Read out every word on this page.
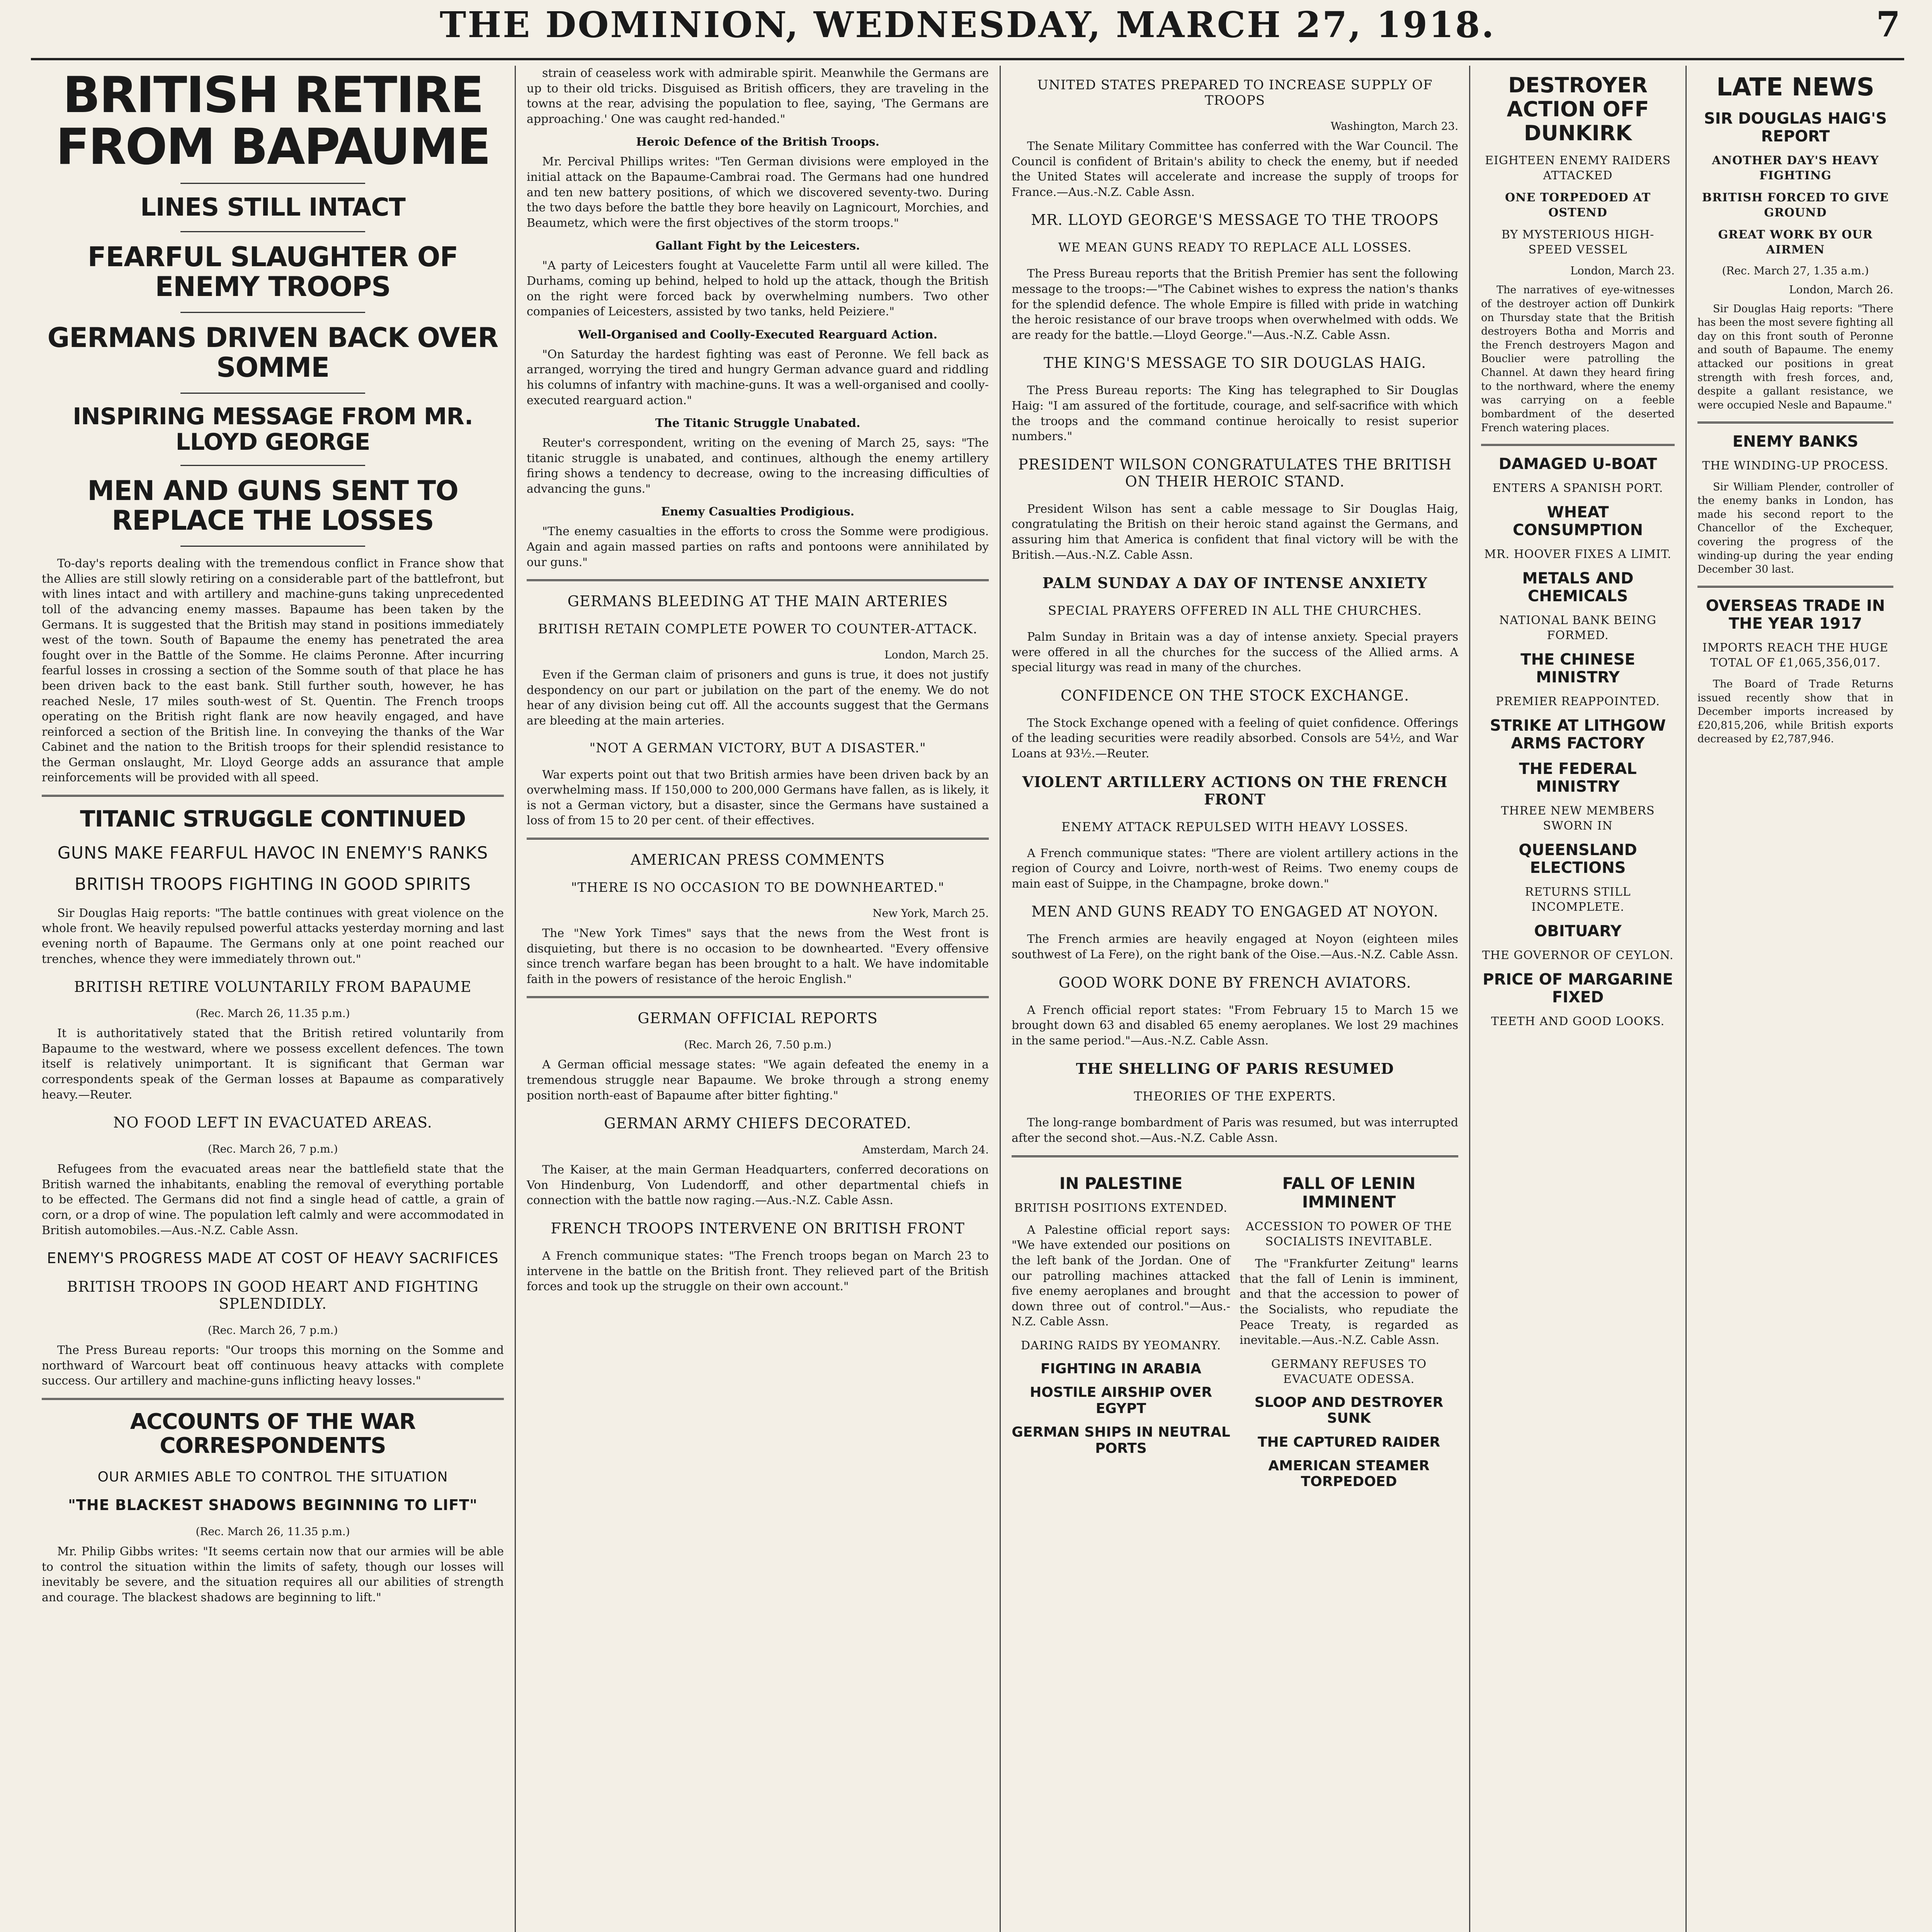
THE DOMINION, WEDNESDAY, MARCH 27, 1918.	7
BRITISH RETIRE FROM BAPAUME
LINES STILL INTACT
FEARFUL SLAUGHTER OF ENEMY TROOPS
GERMANS DRIVEN BACK OVER SOMME
INSPIRING MESSAGE FROM MR. LLOYD GEORGE
MEN AND GUNS SENT TO REPLACE THE LOSSES

To-day's reports dealing with the tremendous conflict in France show that the Allies are still slowly retiring on a considerable part of the battlefront, but with lines intact and with artillery and machine-guns taking unprecedented toll of the advancing enemy masses. Bapaume has been taken by the Germans. It is suggested that the British may stand in positions immediately west of the town. South of Bapaume the enemy has penetrated the area fought over in the Battle of the Somme. He claims Peronne. After incurring fearful losses in crossing a section of the Somme south of that place he has been driven back to the east bank. Still further south, however, he has reached Nesle, 17 miles south-west of St. Quentin. The French troops operating on the British right flank are now heavily engaged, and have reinforced a section of the British line. In conveying the thanks of the War Cabinet and the nation to the British troops for their splendid resistance to the German onslaught, Mr. Lloyd George adds an assurance that ample reinforcements will be provided with all speed.

TITANIC STRUGGLE CONTINUED
GUNS MAKE FEARFUL HAVOC IN ENEMY'S RANKS
BRITISH TROOPS FIGHTING IN GOOD SPIRITS

Sir Douglas Haig reports: "The battle continues with great violence on the whole front. We heavily repulsed powerful attacks yesterday morning and last evening north of Bapaume. The Germans only at one point reached our trenches, whence they were immediately thrown out."

BRITISH RETIRE VOLUNTARILY FROM BAPAUME
(Rec. March 26, 11.35 p.m.)

It is authoritatively stated that the British retired voluntarily from Bapaume to the westward, where we possess excellent defences. The town itself is relatively unimportant. It is significant that German war correspondents speak of the German losses at Bapaume as comparatively heavy.—Reuter.

NO FOOD LEFT IN EVACUATED AREAS.
(Rec. March 26, 7 p.m.)

Refugees from the evacuated areas near the battlefield state that the British warned the inhabitants, enabling the removal of everything portable to be effected. The Germans did not find a single head of cattle, a grain of corn, or a drop of wine. The population left calmly and were accommodated in British automobiles.—Aus.-N.Z. Cable Assn.

ENEMY'S PROGRESS MADE AT COST OF HEAVY SACRIFICES
BRITISH TROOPS IN GOOD HEART AND FIGHTING SPLENDIDLY.
(Rec. March 26, 7 p.m.)

The Press Bureau reports: "Our troops this morning on the Somme and northward of Warcourt beat off continuous heavy attacks with complete success. Our artillery and machine-guns inflicting heavy losses."

ACCOUNTS OF THE WAR CORRESPONDENTS
OUR ARMIES ABLE TO CONTROL THE SITUATION
"THE BLACKEST SHADOWS BEGINNING TO LIFT"
(Rec. March 26, 11.35 p.m.)

Mr. Philip Gibbs writes: "It seems certain now that our armies will be able to control the situation within the limits of safety, though our losses will inevitably be severe, and the situation requires all our abilities of strength and courage. The blackest shadows are beginning to lift."

strain of ceaseless work with admirable spirit. Meanwhile the Germans are up to their old tricks. Disguised as British officers, they are traveling in the towns at the rear, advising the population to flee, saying, 'The Germans are approaching.' One was caught red-handed."

Heroic Defence of the British Troops.

Mr. Percival Phillips writes: "Ten German divisions were employed in the initial attack on the Bapaume-Cambrai road. The Germans had one hundred and ten new battery positions, of which we discovered seventy-two. During the two days before the battle they bore heavily on Lagnicourt, Morchies, and Beaumetz, which were the first objectives of the storm troops."

Gallant Fight by the Leicesters.

"A party of Leicesters fought at Vaucelette Farm until all were killed. The Durhams, coming up behind, helped to hold up the attack, though the British on the right were forced back by overwhelming numbers. Two other companies of Leicesters, assisted by two tanks, held Peiziere."

Well-Organised and Coolly-Executed Rearguard Action.

"On Saturday the hardest fighting was east of Peronne. We fell back as arranged, worrying the tired and hungry German advance guard and riddling his columns of infantry with machine-guns. It was a well-organised and coolly-executed rearguard action."

The Titanic Struggle Unabated.

Reuter's correspondent, writing on the evening of March 25, says: "The titanic struggle is unabated, and continues, although the enemy artillery firing shows a tendency to decrease, owing to the increasing difficulties of advancing the guns."

Enemy Casualties Prodigious.

"The enemy casualties in the efforts to cross the Somme were prodigious. Again and again massed parties on rafts and pontoons were annihilated by our guns."

GERMANS BLEEDING AT THE MAIN ARTERIES
BRITISH RETAIN COMPLETE POWER TO COUNTER-ATTACK.
London, March 25.

Even if the German claim of prisoners and guns is true, it does not justify despondency on our part or jubilation on the part of the enemy. We do not hear of any division being cut off. All the accounts suggest that the Germans are bleeding at the main arteries.

"NOT A GERMAN VICTORY, BUT A DISASTER."

War experts point out that two British armies have been driven back by an overwhelming mass. If 150,000 to 200,000 Germans have fallen, as is likely, it is not a German victory, but a disaster, since the Germans have sustained a loss of from 15 to 20 per cent. of their effectives.

AMERICAN PRESS COMMENTS
"THERE IS NO OCCASION TO BE DOWNHEARTED."
New York, March 25.

The "New York Times" says that the news from the West front is disquieting, but there is no occasion to be downhearted. "Every offensive since trench warfare began has been brought to a halt. We have indomitable faith in the powers of resistance of the heroic English."

GERMAN OFFICIAL REPORTS
(Rec. March 26, 7.50 p.m.)

A German official message states: "We again defeated the enemy in a tremendous struggle near Bapaume. We broke through a strong enemy position north-east of Bapaume after bitter fighting."

GERMAN ARMY CHIEFS DECORATED.
Amsterdam, March 24.

The Kaiser, at the main German Headquarters, conferred decorations on Von Hindenburg, Von Ludendorff, and other departmental chiefs in connection with the battle now raging.—Aus.-N.Z. Cable Assn.

FRENCH TROOPS INTERVENE ON BRITISH FRONT

A French communique states: "The French troops began on March 23 to intervene in the battle on the British front. They relieved part of the British forces and took up the struggle on their own account."

UNITED STATES PREPARED TO INCREASE SUPPLY OF TROOPS
Washington, March 23.

The Senate Military Committee has conferred with the War Council. The Council is confident of Britain's ability to check the enemy, but if needed the United States will accelerate and increase the supply of troops for France.—Aus.-N.Z. Cable Assn.

MR. LLOYD GEORGE'S MESSAGE TO THE TROOPS
WE MEAN GUNS READY TO REPLACE ALL LOSSES.

The Press Bureau reports that the British Premier has sent the following message to the troops:—"The Cabinet wishes to express the nation's thanks for the splendid defence. The whole Empire is filled with pride in watching the heroic resistance of our brave troops when overwhelmed with odds. We are ready for the battle.—Lloyd George."—Aus.-N.Z. Cable Assn.

THE KING'S MESSAGE TO SIR DOUGLAS HAIG.

The Press Bureau reports: The King has telegraphed to Sir Douglas Haig: "I am assured of the fortitude, courage, and self-sacrifice with which the troops and the command continue heroically to resist superior numbers."

PRESIDENT WILSON CONGRATULATES THE BRITISH ON THEIR HEROIC STAND.

President Wilson has sent a cable message to Sir Douglas Haig, congratulating the British on their heroic stand against the Germans, and assuring him that America is confident that final victory will be with the British.—Aus.-N.Z. Cable Assn.

PALM SUNDAY A DAY OF INTENSE ANXIETY
SPECIAL PRAYERS OFFERED IN ALL THE CHURCHES.

Palm Sunday in Britain was a day of intense anxiety. Special prayers were offered in all the churches for the success of the Allied arms. A special liturgy was read in many of the churches.

CONFIDENCE ON THE STOCK EXCHANGE.

The Stock Exchange opened with a feeling of quiet confidence. Offerings of the leading securities were readily absorbed. Consols are 54½, and War Loans at 93½.—Reuter.

VIOLENT ARTILLERY ACTIONS ON THE FRENCH FRONT
ENEMY ATTACK REPULSED WITH HEAVY LOSSES.

A French communique states: "There are violent artillery actions in the region of Courcy and Loivre, north-west of Reims. Two enemy coups de main east of Suippe, in the Champagne, broke down."

MEN AND GUNS READY TO ENGAGED AT NOYON.

The French armies are heavily engaged at Noyon (eighteen miles southwest of La Fere), on the right bank of the Oise.—Aus.-N.Z. Cable Assn.

GOOD WORK DONE BY FRENCH AVIATORS.

A French official report states: "From February 15 to March 15 we brought down 63 and disabled 65 enemy aeroplanes. We lost 29 machines in the same period."—Aus.-N.Z. Cable Assn.

THE SHELLING OF PARIS RESUMED
THEORIES OF THE EXPERTS.

The long-range bombardment of Paris was resumed, but was interrupted after the second shot.—Aus.-N.Z. Cable Assn.

IN PALESTINE
BRITISH POSITIONS EXTENDED.

A Palestine official report says: "We have extended our positions on the left bank of the Jordan. One of our patrolling machines attacked five enemy aeroplanes and brought down three out of control."—Aus.-N.Z. Cable Assn.

DARING RAIDS BY YEOMANRY.
FIGHTING IN ARABIA
HOSTILE AIRSHIP OVER EGYPT
GERMAN SHIPS IN NEUTRAL PORTS
FALL OF LENIN IMMINENT
ACCESSION TO POWER OF THE SOCIALISTS INEVITABLE.

The "Frankfurter Zeitung" learns that the fall of Lenin is imminent, and that the accession to power of the Socialists, who repudiate the Peace Treaty, is regarded as inevitable.—Aus.-N.Z. Cable Assn.

GERMANY REFUSES TO EVACUATE ODESSA.
SLOOP AND DESTROYER SUNK
THE CAPTURED RAIDER
AMERICAN STEAMER TORPEDOED
DESTROYER ACTION OFF DUNKIRK
EIGHTEEN ENEMY RAIDERS ATTACKED
ONE TORPEDOED AT OSTEND
BY MYSTERIOUS HIGH-SPEED VESSEL
London, March 23.

The narratives of eye-witnesses of the destroyer action off Dunkirk on Thursday state that the British destroyers Botha and Morris and the French destroyers Magon and Bouclier were patrolling the Channel. At dawn they heard firing to the northward, where the enemy was carrying on a feeble bombardment of the deserted French watering places.

DAMAGED U-BOAT
ENTERS A SPANISH PORT.
WHEAT CONSUMPTION
MR. HOOVER FIXES A LIMIT.
METALS AND CHEMICALS
NATIONAL BANK BEING FORMED.
THE CHINESE MINISTRY
PREMIER REAPPOINTED.
STRIKE AT LITHGOW ARMS FACTORY
THE FEDERAL MINISTRY
THREE NEW MEMBERS SWORN IN
QUEENSLAND ELECTIONS
RETURNS STILL INCOMPLETE.
OBITUARY
THE GOVERNOR OF CEYLON.
PRICE OF MARGARINE FIXED
TEETH AND GOOD LOOKS.
LATE NEWS
SIR DOUGLAS HAIG'S REPORT
ANOTHER DAY'S HEAVY FIGHTING
BRITISH FORCED TO GIVE GROUND
GREAT WORK BY OUR AIRMEN
(Rec. March 27, 1.35 a.m.)
London, March 26.

Sir Douglas Haig reports: "There has been the most severe fighting all day on this front south of Peronne and south of Bapaume. The enemy attacked our positions in great strength with fresh forces, and, despite a gallant resistance, we were occupied Nesle and Bapaume."

ENEMY BANKS
THE WINDING-UP PROCESS.

Sir William Plender, controller of the enemy banks in London, has made his second report to the Chancellor of the Exchequer, covering the progress of the winding-up during the year ending December 30 last.

OVERSEAS TRADE IN THE YEAR 1917
IMPORTS REACH THE HUGE TOTAL OF £1,065,356,017.

The Board of Trade Returns issued recently show that in December imports increased by £20,815,206, while British exports decreased by £2,787,946.
